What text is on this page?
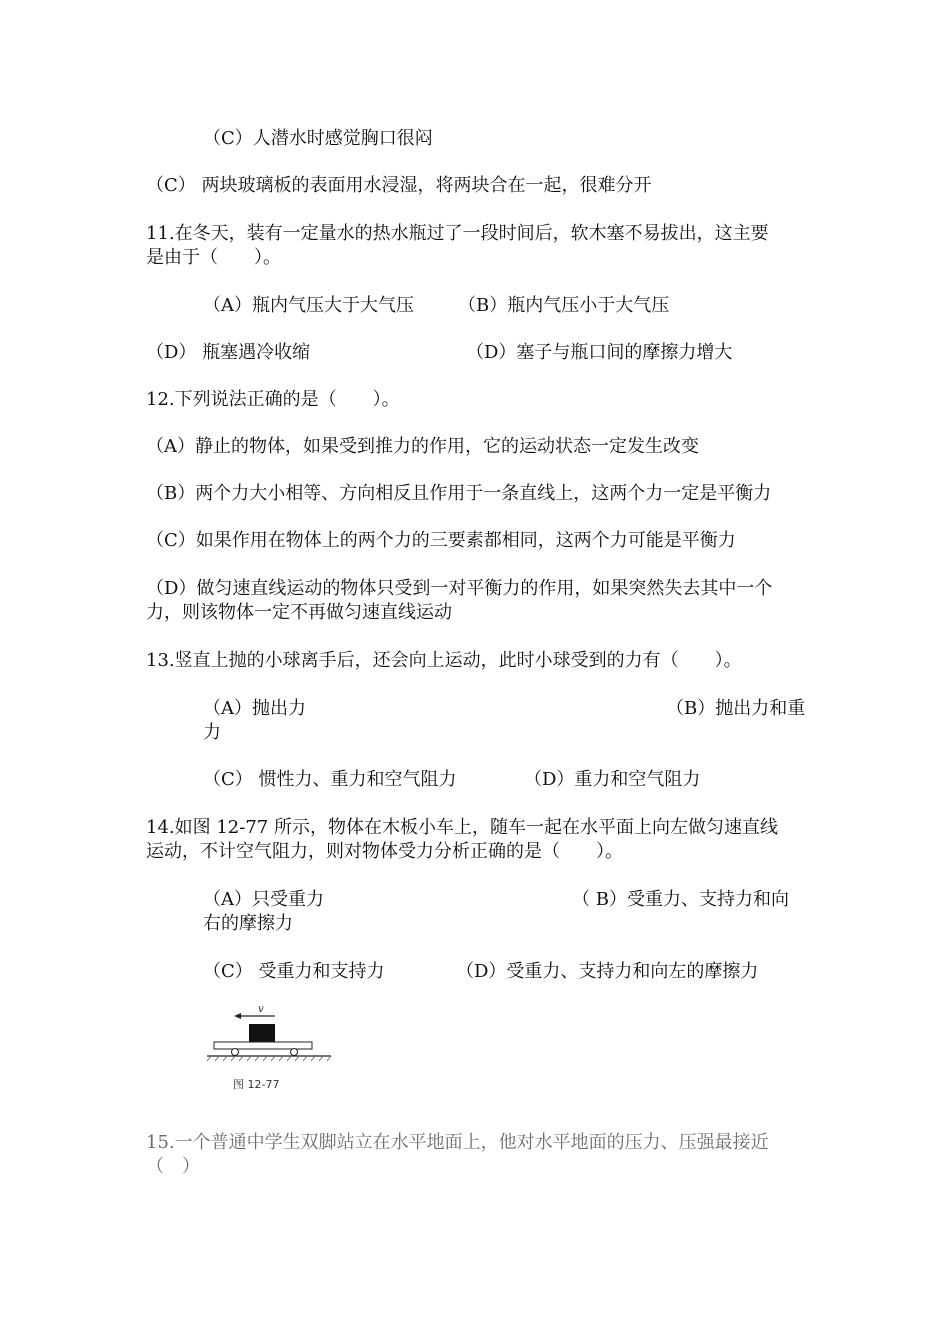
（C）人潜水时感觉胸口很闷
（C） 两块玻璃板的表面用水浸湿，将两块合在一起，很难分开
11.在冬天，装有一定量水的热水瓶过了一段时间后，软木塞不易拔出，这主要
是由于（　　）。
（A）瓶内气压大于大气压 （B）瓶内气压小于大气压
（D） 瓶塞遇冷收缩	（D）塞子与瓶口间的摩擦力增大
12.下列说法正确的是（　　）。
（A）静止的物体，如果受到推力的作用，它的运动状态一定发生改变
（B）两个力大小相等、方向相反且作用于一条直线上，这两个力一定是平衡力
（C）如果作用在物体上的两个力的三要素都相同，这两个力可能是平衡力
（D）做匀速直线运动的物体只受到一对平衡力的作用，如果突然失去其中一个
力，则该物体一定不再做匀速直线运动
13.竖直上抛的小球离手后，还会向上运动，此时小球受到的力有（　　）。
（A）抛出力	（B）抛出力和重
力
（C） 惯性力、重力和空气阻力	（D）重力和空气阻力
14.如图 12-77 所示，物体在木板小车上，随车一起在水平面上向左做匀速直线
运动，不计空气阻力，则对物体受力分析正确的是（　　）。
（A）只受重力	（ B）受重力、支持力和向
右的摩擦力
（C） 受重力和支持力	（D）受重力、支持力和向左的摩擦力
v
图 12-77
15.一个普通中学生双脚站立在水平地面上，他对水平地面的压力、压强最接近
（　）
